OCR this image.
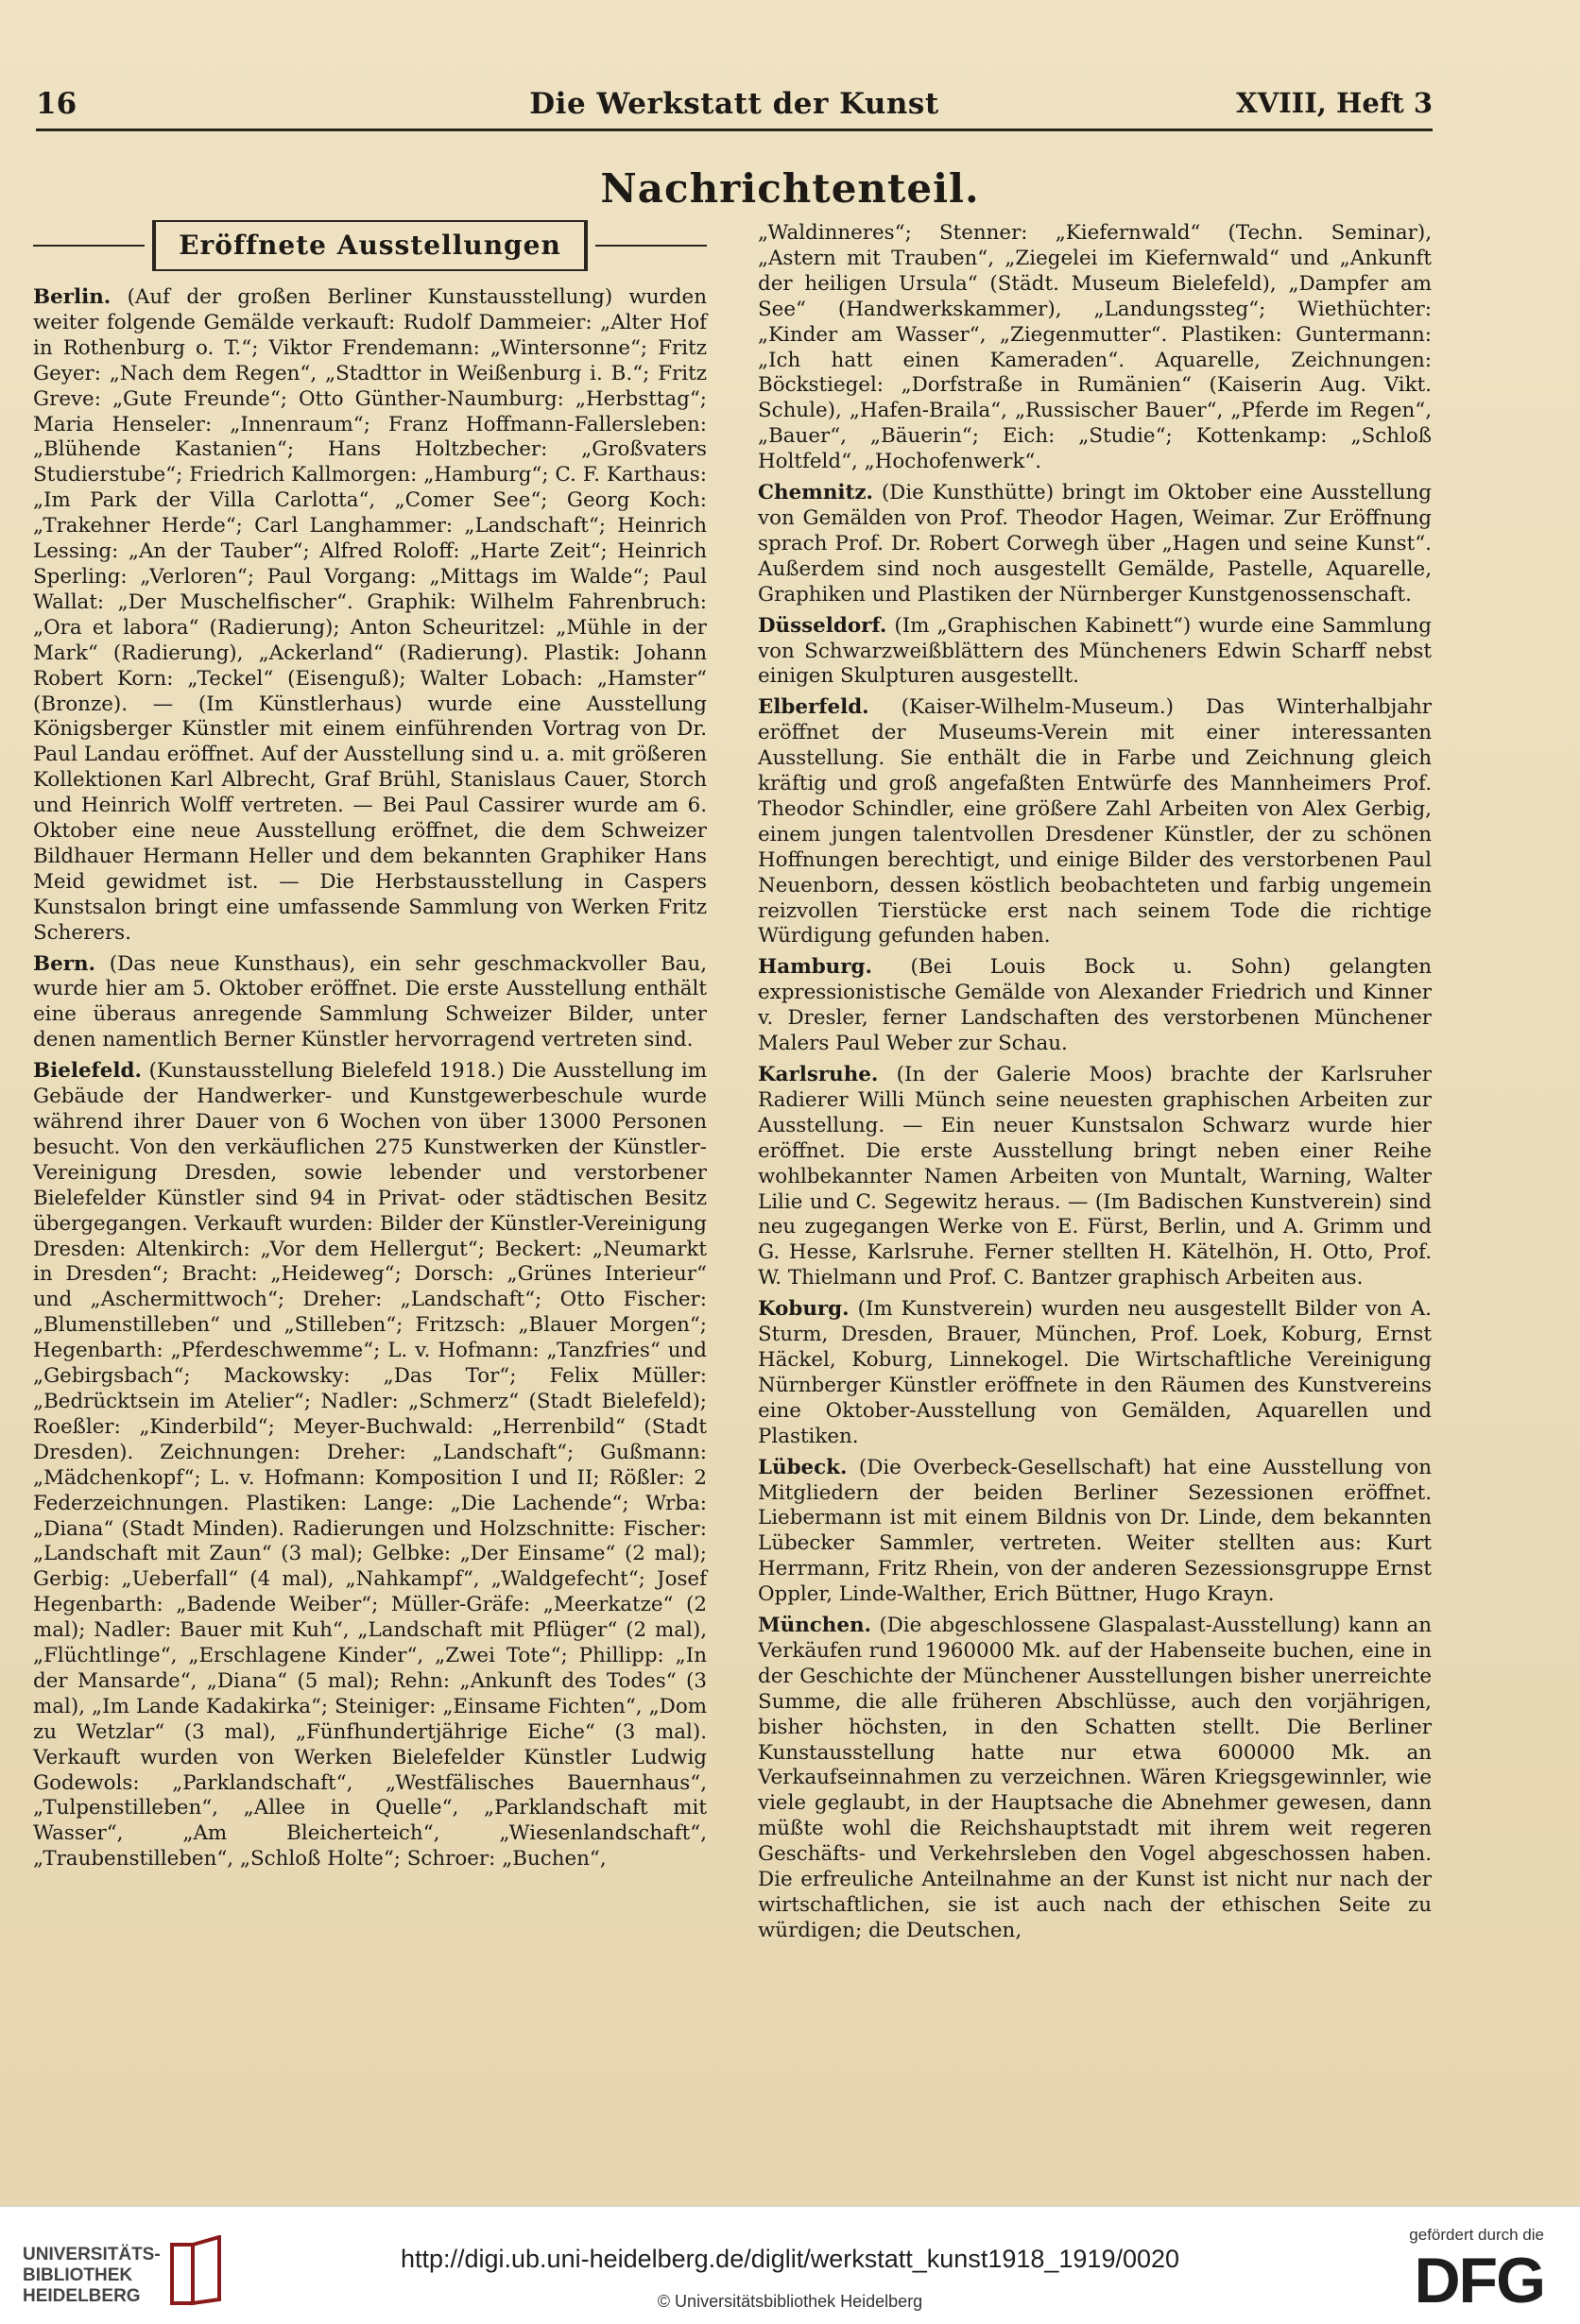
16	Die Werkstatt der Kunst	XVIII, Heft 3
Nachrichtenteil.
Eröffnete Ausstellungen

Berlin. (Auf der großen Berliner Kunstausstellung) wurden weiter folgende Gemälde verkauft: Rudolf Dammeier: „Alter Hof in Rothenburg o. T.“; Viktor Frendemann: „Wintersonne“; Fritz Geyer: „Nach dem Regen“, „Stadttor in Weißenburg i. B.“; Fritz Greve: „Gute Freunde“; Otto Günther-Naumburg: „Herbsttag“; Maria Henseler: „Innenraum“; Franz Hoffmann-Fallersleben: „Blühende Kastanien“; Hans Holtzbecher: „Großvaters Studierstube“; Friedrich Kallmorgen: „Hamburg“; C. F. Karthaus: „Im Park der Villa Carlotta“, „Comer See“; Georg Koch: „Trakehner Herde“; Carl Langhammer: „Landschaft“; Heinrich Lessing: „An der Tauber“; Alfred Roloff: „Harte Zeit“; Heinrich Sperling: „Verloren“; Paul Vorgang: „Mittags im Walde“; Paul Wallat: „Der Muschelfischer“. Graphik: Wilhelm Fahrenbruch: „Ora et labora“ (Radierung); Anton Scheuritzel: „Mühle in der Mark“ (Radierung), „Ackerland“ (Radierung). Plastik: Johann Robert Korn: „Teckel“ (Eisenguß); Walter Lobach: „Hamster“ (Bronze). — (Im Künstlerhaus) wurde eine Ausstellung Königsberger Künstler mit einem einführenden Vortrag von Dr. Paul Landau eröffnet. Auf der Ausstellung sind u. a. mit größeren Kollektionen Karl Albrecht, Graf Brühl, Stanislaus Cauer, Storch und Heinrich Wolff vertreten. — Bei Paul Cassirer wurde am 6. Oktober eine neue Ausstellung eröffnet, die dem Schweizer Bildhauer Hermann Heller und dem bekannten Graphiker Hans Meid gewidmet ist. — Die Herbstausstellung in Caspers Kunstsalon bringt eine umfassende Sammlung von Werken Fritz Scherers.

Bern. (Das neue Kunsthaus), ein sehr geschmackvoller Bau, wurde hier am 5. Oktober eröffnet. Die erste Ausstellung enthält eine überaus anregende Sammlung Schweizer Bilder, unter denen namentlich Berner Künstler hervorragend vertreten sind.

Bielefeld. (Kunstausstellung Bielefeld 1918.) Die Ausstellung im Gebäude der Handwerker- und Kunstgewerbeschule wurde während ihrer Dauer von 6 Wochen von über 13000 Personen besucht. Von den verkäuflichen 275 Kunstwerken der Künstler-Vereinigung Dresden, sowie lebender und verstorbener Bielefelder Künstler sind 94 in Privat- oder städtischen Besitz übergegangen. Verkauft wurden: Bilder der Künstler-Vereinigung Dresden: Altenkirch: „Vor dem Hellergut“; Beckert: „Neumarkt in Dresden“; Bracht: „Heideweg“; Dorsch: „Grünes Interieur“ und „Aschermittwoch“; Dreher: „Landschaft“; Otto Fischer: „Blumenstilleben“ und „Stilleben“; Fritzsch: „Blauer Morgen“; Hegenbarth: „Pferdeschwemme“; L. v. Hofmann: „Tanzfries“ und „Gebirgsbach“; Mackowsky: „Das Tor“; Felix Müller: „Bedrücktsein im Atelier“; Nadler: „Schmerz“ (Stadt Bielefeld); Roeßler: „Kinderbild“; Meyer-Buchwald: „Herrenbild“ (Stadt Dresden). Zeichnungen: Dreher: „Landschaft“; Gußmann: „Mädchenkopf“; L. v. Hofmann: Komposition I und II; Rößler: 2 Federzeichnungen. Plastiken: Lange: „Die Lachende“; Wrba: „Diana“ (Stadt Minden). Radierungen und Holzschnitte: Fischer: „Landschaft mit Zaun“ (3 mal); Gelbke: „Der Einsame“ (2 mal); Gerbig: „Ueberfall“ (4 mal), „Nahkampf“, „Waldgefecht“; Josef Hegenbarth: „Badende Weiber“; Müller-Gräfe: „Meerkatze“ (2 mal); Nadler: Bauer mit Kuh“, „Landschaft mit Pflüger“ (2 mal), „Flüchtlinge“, „Erschlagene Kinder“, „Zwei Tote“; Phillipp: „In der Mansarde“, „Diana“ (5 mal); Rehn: „Ankunft des Todes“ (3 mal), „Im Lande Kadakirka“; Steiniger: „Einsame Fichten“, „Dom zu Wetzlar“ (3 mal), „Fünfhundertjährige Eiche“ (3 mal). Verkauft wurden von Werken Bielefelder Künstler Ludwig Godewols: „Parklandschaft“, „Westfälisches Bauernhaus“, „Tulpenstilleben“, „Allee in Quelle“, „Parklandschaft mit Wasser“, „Am Bleicherteich“, „Wiesenlandschaft“, „Traubenstilleben“, „Schloß Holte“; Schroer: „Buchen“,

„Waldinneres“; Stenner: „Kiefernwald“ (Techn. Seminar), „Astern mit Trauben“, „Ziegelei im Kiefernwald“ und „Ankunft der heiligen Ursula“ (Städt. Museum Bielefeld), „Dampfer am See“ (Handwerkskammer), „Landungssteg“; Wiethüchter: „Kinder am Wasser“, „Ziegenmutter“. Plastiken: Guntermann: „Ich hatt einen Kameraden“. Aquarelle, Zeichnungen: Böckstiegel: „Dorfstraße in Rumänien“ (Kaiserin Aug. Vikt. Schule), „Hafen-Braila“, „Russischer Bauer“, „Pferde im Regen“, „Bauer“, „Bäuerin“; Eich: „Studie“; Kottenkamp: „Schloß Holtfeld“, „Hochofenwerk“.

Chemnitz. (Die Kunsthütte) bringt im Oktober eine Ausstellung von Gemälden von Prof. Theodor Hagen, Weimar. Zur Eröffnung sprach Prof. Dr. Robert Corwegh über „Hagen und seine Kunst“. Außerdem sind noch ausgestellt Gemälde, Pastelle, Aquarelle, Graphiken und Plastiken der Nürnberger Kunstgenossenschaft.

Düsseldorf. (Im „Graphischen Kabinett“) wurde eine Sammlung von Schwarzweißblättern des Müncheners Edwin Scharff nebst einigen Skulpturen ausgestellt.

Elberfeld. (Kaiser-Wilhelm-Museum.) Das Winterhalbjahr eröffnet der Museums-Verein mit einer interessanten Ausstellung. Sie enthält die in Farbe und Zeichnung gleich kräftig und groß angefaßten Entwürfe des Mannheimers Prof. Theodor Schindler, eine größere Zahl Arbeiten von Alex Gerbig, einem jungen talentvollen Dresdener Künstler, der zu schönen Hoffnungen berechtigt, und einige Bilder des verstorbenen Paul Neuenborn, dessen köstlich beobachteten und farbig ungemein reizvollen Tierstücke erst nach seinem Tode die richtige Würdigung gefunden haben.

Hamburg. (Bei Louis Bock u. Sohn) gelangten expressionistische Gemälde von Alexander Friedrich und Kinner v. Dresler, ferner Landschaften des verstorbenen Münchener Malers Paul Weber zur Schau.

Karlsruhe. (In der Galerie Moos) brachte der Karlsruher Radierer Willi Münch seine neuesten graphischen Arbeiten zur Ausstellung. — Ein neuer Kunstsalon Schwarz wurde hier eröffnet. Die erste Ausstellung bringt neben einer Reihe wohlbekannter Namen Arbeiten von Muntalt, Warning, Walter Lilie und C. Segewitz heraus. — (Im Badischen Kunstverein) sind neu zugegangen Werke von E. Fürst, Berlin, und A. Grimm und G. Hesse, Karlsruhe. Ferner stellten H. Kätelhön, H. Otto, Prof. W. Thielmann und Prof. C. Bantzer graphisch Arbeiten aus.

Koburg. (Im Kunstverein) wurden neu ausgestellt Bilder von A. Sturm, Dresden, Brauer, München, Prof. Loek, Koburg, Ernst Häckel, Koburg, Linnekogel. Die Wirtschaftliche Vereinigung Nürnberger Künstler eröffnete in den Räumen des Kunstvereins eine Oktober-Ausstellung von Gemälden, Aquarellen und Plastiken.

Lübeck. (Die Overbeck-Gesellschaft) hat eine Ausstellung von Mitgliedern der beiden Berliner Sezessionen eröffnet. Liebermann ist mit einem Bildnis von Dr. Linde, dem bekannten Lübecker Sammler, vertreten. Weiter stellten aus: Kurt Herrmann, Fritz Rhein, von der anderen Sezessionsgruppe Ernst Oppler, Linde-Walther, Erich Büttner, Hugo Krayn.

München. (Die abgeschlossene Glaspalast-Ausstellung) kann an Verkäufen rund 1960000 Mk. auf der Habenseite buchen, eine in der Geschichte der Münchener Ausstellungen bisher unerreichte Summe, die alle früheren Abschlüsse, auch den vorjährigen, bisher höchsten, in den Schatten stellt. Die Berliner Kunstausstellung hatte nur etwa 600000 Mk. an Verkaufseinnahmen zu verzeichnen. Wären Kriegsgewinnler, wie viele geglaubt, in der Hauptsache die Abnehmer gewesen, dann müßte wohl die Reichshauptstadt mit ihrem weit regeren Geschäfts- und Verkehrsleben den Vogel abgeschossen haben. Die erfreuliche Anteilnahme an der Kunst ist nicht nur nach der wirtschaftlichen, sie ist auch nach der ethischen Seite zu würdigen; die Deutschen,

UNIVERSITÄTS- BIBLIOTHEK HEIDELBERG
http://digi.ub.uni-heidelberg.de/diglit/werkstatt_kunst1918_1919/0020
© Universitätsbibliothek Heidelberg
gefördert durch die
DFG
